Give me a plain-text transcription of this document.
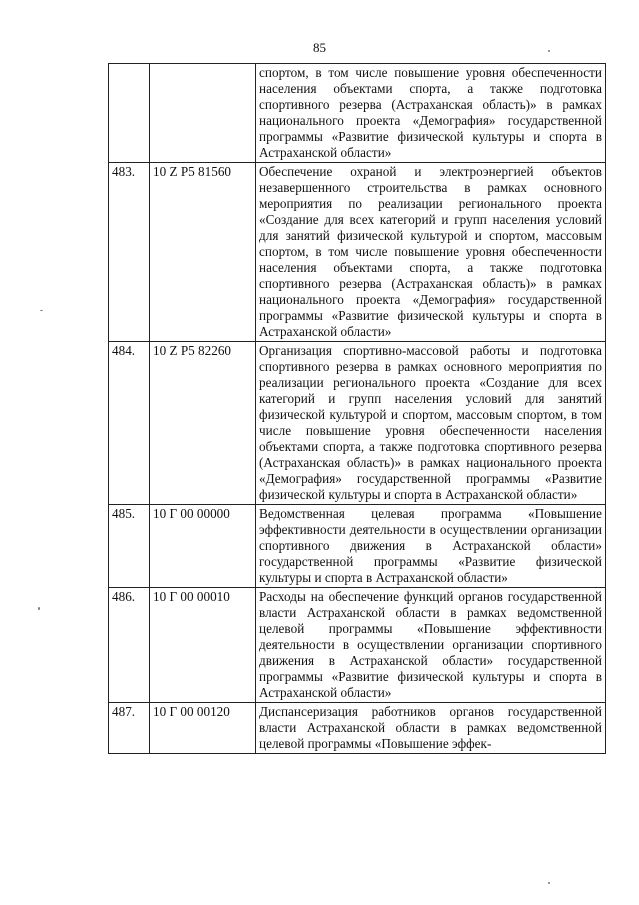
85
		спортом, в том числе повышение уровня обеспеченности населения объектами спорта, а также подготовка спортивного резерва (Астраханская область)» в рамках национального проекта «Демография» государственной программы «Развитие физической культуры и спорта в Астраханской области»
483.	10 Z P5 81560	Обеспечение охраной и электроэнергией объектов незавершенного строительства в рамках основного мероприятия по реализации регионального проекта «Создание для всех категорий и групп населения условий для занятий физической культурой и спортом, массовым спортом, в том числе повышение уровня обеспеченности населения объектами спорта, а также подготовка спортивного резерва (Астраханская область)» в рамках национального проекта «Демография» государственной программы «Развитие физической культуры и спорта в Астраханской области»
484.	10 Z P5 82260	Организация спортивно-массовой работы и подготовка спортивного резерва в рамках основного мероприятия по реализации регионального проекта «Создание для всех категорий и групп населения условий для занятий физической культурой и спортом, массовым спортом, в том числе повышение уровня обеспеченности населения объектами спорта, а также подготовка спортивного резерва (Астраханская область)» в рамках национального проекта «Демография» государственной программы «Развитие физической культуры и спорта в Астраханской области»
485.	10 Г 00 00000	Ведомственная целевая программа «Повышение эффективности деятельности в осуществлении организации спортивного движения в Астраханской области» государственной программы «Развитие физической культуры и спорта в Астраханской области»
486.	10 Г 00 00010	Расходы на обеспечение функций органов государственной власти Астраханской области в рамках ведомственной целевой программы «Повышение эффективности деятельности в осуществлении организации спортивного движения в Астраханской области» государственной программы «Развитие физической культуры и спорта в Астраханской области»
487.	10 Г 00 00120	Диспансеризация работников органов государственной власти Астраханской области в рамках ведомственной целевой программы «Повышение эффек-
